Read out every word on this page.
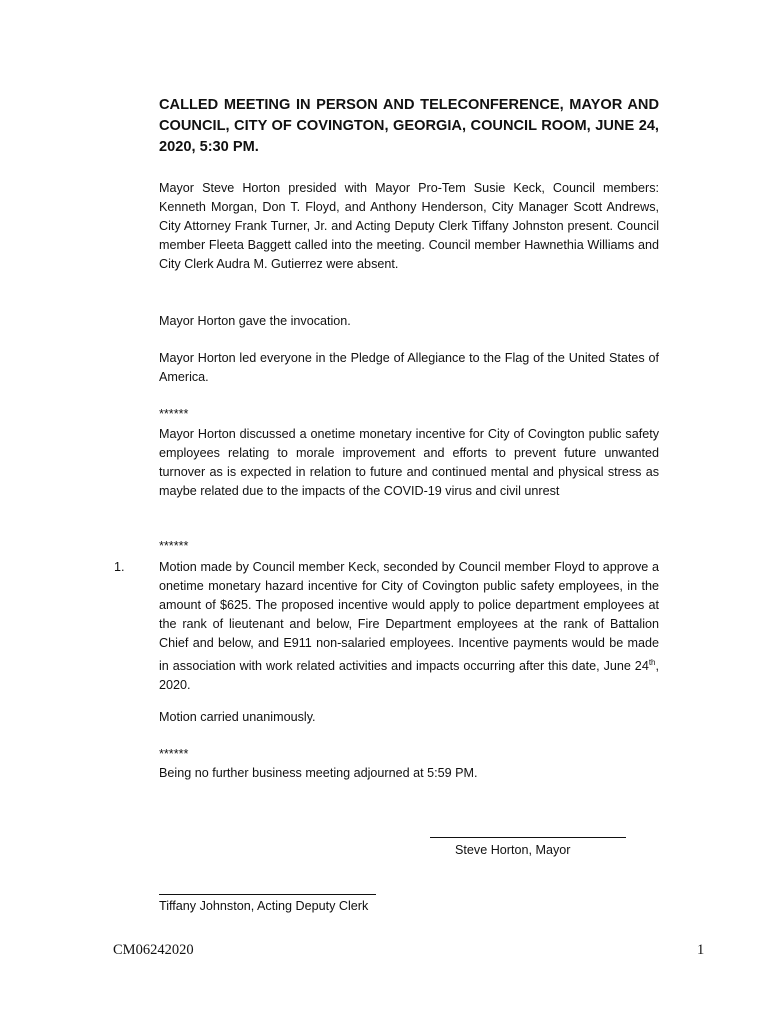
CALLED MEETING IN PERSON AND TELECONFERENCE, MAYOR AND COUNCIL, CITY OF COVINGTON, GEORGIA, COUNCIL ROOM, JUNE 24, 2020, 5:30 PM.
Mayor Steve Horton presided with Mayor Pro-Tem Susie Keck, Council members: Kenneth Morgan, Don T. Floyd, and Anthony Henderson, City Manager Scott Andrews, City Attorney Frank Turner, Jr. and Acting Deputy Clerk Tiffany Johnston present. Council member Fleeta Baggett called into the meeting. Council member Hawnethia Williams and City Clerk Audra M. Gutierrez were absent.
Mayor Horton gave the invocation.
Mayor Horton led everyone in the Pledge of Allegiance to the Flag of the United States of America.
******
Mayor Horton discussed a onetime monetary incentive for City of Covington public safety employees relating to morale improvement and efforts to prevent future unwanted turnover as is expected in relation to future and continued mental and physical stress as maybe related due to the impacts of the COVID-19 virus and civil unrest
******
1.	Motion made by Council member Keck, seconded by Council member Floyd to approve a onetime monetary hazard incentive for City of Covington public safety employees, in the amount of $625. The proposed incentive would apply to police department employees at the rank of lieutenant and below, Fire Department employees at the rank of Battalion Chief and below, and E911 non-salaried employees. Incentive payments would be made in association with work related activities and impacts occurring after this date, June 24th, 2020.
Motion carried unanimously.
******
Being no further business meeting adjourned at 5:59 PM.
Steve Horton, Mayor
Tiffany Johnston, Acting Deputy Clerk
CM06242020	1
